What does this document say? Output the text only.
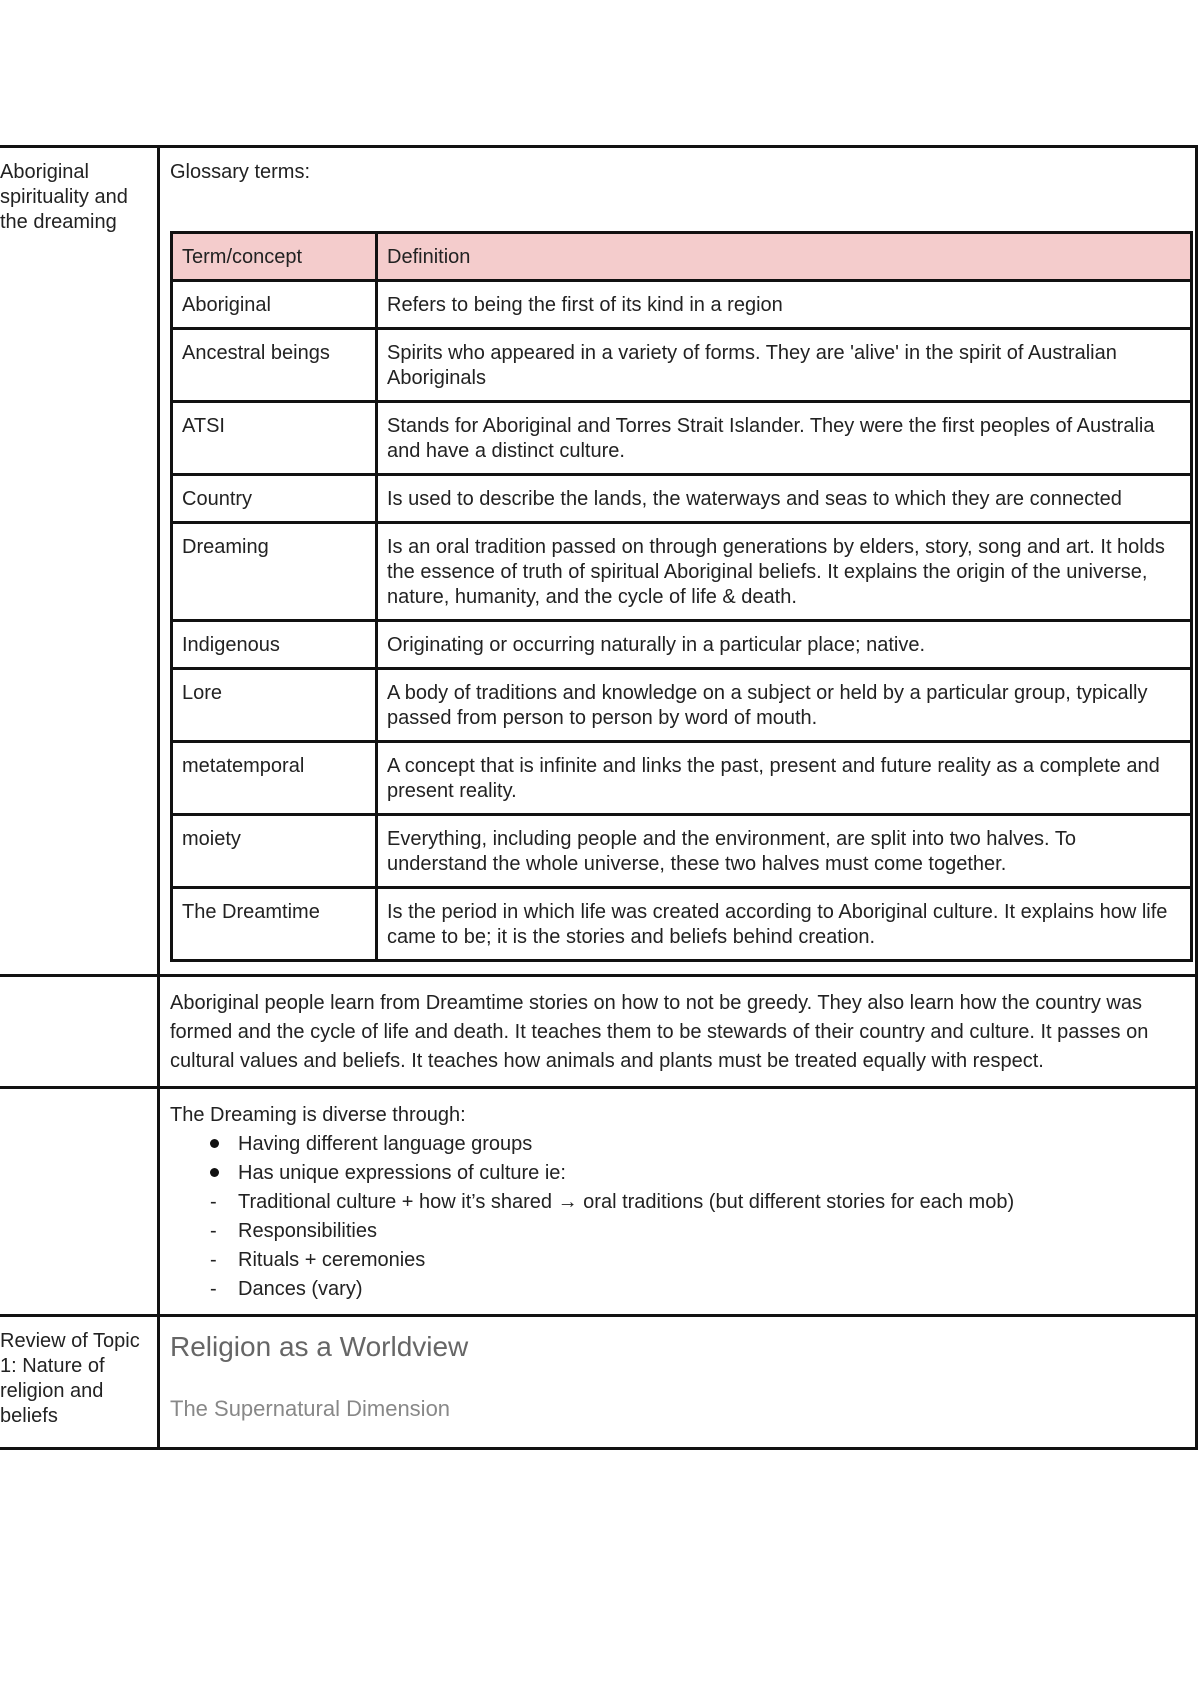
Aboriginal spirituality and the dreaming	
Glossary terms:
Term/concept	Definition
Aboriginal	Refers to being the first of its kind in a region
Ancestral beings	Spirits who appeared in a variety of forms. They are 'alive' in the spirit of Australian Aboriginals
ATSI	Stands for Aboriginal and Torres Strait Islander. They were the first peoples of Australia and have a distinct culture.
Country	Is used to describe the lands, the waterways and seas to which they are connected
Dreaming	Is an oral tradition passed on through generations by elders, story, song and art. It holds the essence of truth of spiritual Aboriginal beliefs. It explains the origin of the universe, nature, humanity, and the cycle of life & death.
Indigenous	Originating or occurring naturally in a particular place; native.
Lore	A body of traditions and knowledge on a subject or held by a particular group, typically passed from person to person by word of mouth.
metatemporal	A concept that is infinite and links the past, present and future reality as a complete and present reality.
moiety	Everything, including people and the environment, are split into two halves. To understand the whole universe, these two halves must come together.
The Dreamtime	Is the period in which life was created according to Aboriginal culture. It explains how life came to be; it is the stories and beliefs behind creation.

Aboriginal people learn from Dreamtime stories on how to not be greedy. They also learn how the country was formed and the cycle of life and death. It teaches them to be stewards of their country and culture. It passes on cultural values and beliefs. It teaches how animals and plants must be treated equally with respect.

The Dreaming is diverse through:
Having different language groups
Has unique expressions of culture ie:
-	Traditional culture + how it’s shared → oral traditions (but different stories for each mob)
-	Responsibilities
-	Rituals + ceremonies
-	Dances (vary)

Review of Topic 1: Nature of religion and beliefs	
Religion as a Worldview
The Supernatural Dimension
